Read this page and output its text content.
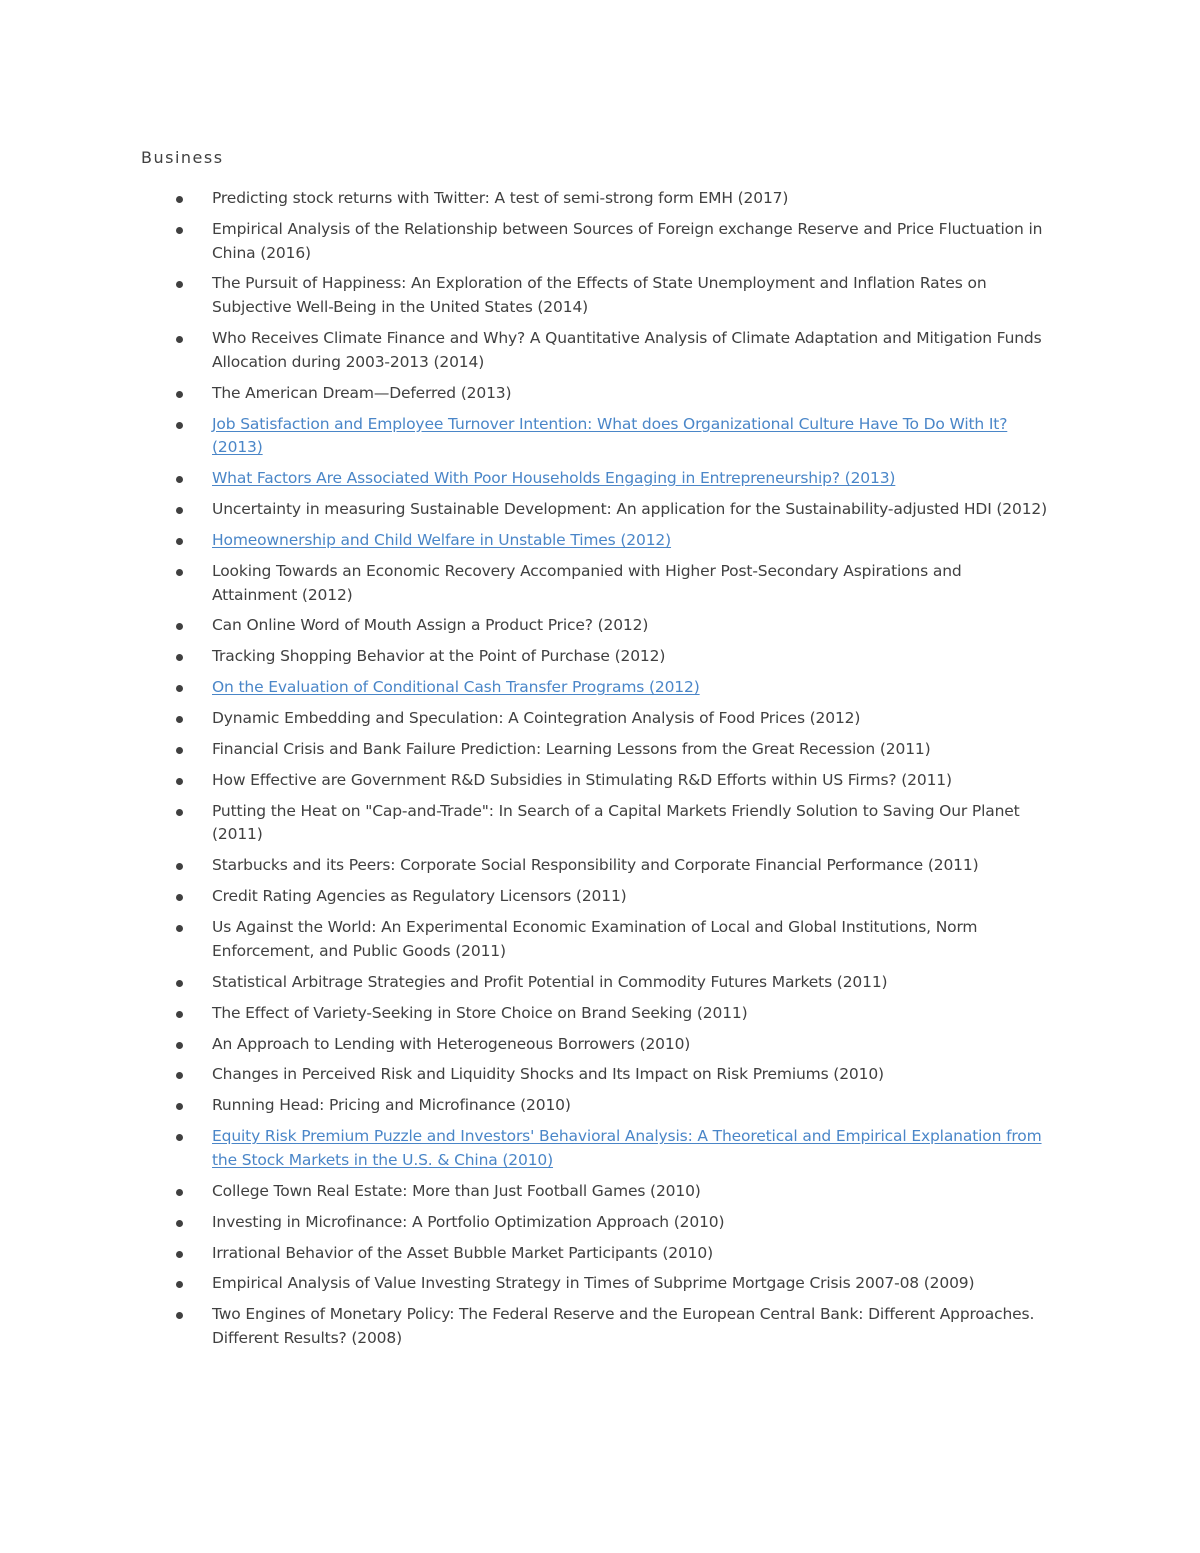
Business
Predicting stock returns with Twitter: A test of semi-strong form EMH (2017)
Empirical Analysis of the Relationship between Sources of Foreign exchange Reserve and Price Fluctuation in China (2016)
The Pursuit of Happiness: An Exploration of the Effects of State Unemployment and Inflation Rates on Subjective Well-Being in the United States (2014)
Who Receives Climate Finance and Why? A Quantitative Analysis of Climate Adaptation and Mitigation Funds Allocation during 2003-2013 (2014)
The American Dream—Deferred (2013)
Job Satisfaction and Employee Turnover Intention: What does Organizational Culture Have To Do With It? (2013)
What Factors Are Associated With Poor Households Engaging in Entrepreneurship? (2013)
Uncertainty in measuring Sustainable Development: An application for the Sustainability-adjusted HDI (2012)
Homeownership and Child Welfare in Unstable Times (2012)
Looking Towards an Economic Recovery Accompanied with Higher Post-Secondary Aspirations and Attainment (2012)
Can Online Word of Mouth Assign a Product Price? (2012)
Tracking Shopping Behavior at the Point of Purchase (2012)
On the Evaluation of Conditional Cash Transfer Programs (2012)
Dynamic Embedding and Speculation: A Cointegration Analysis of Food Prices (2012)
Financial Crisis and Bank Failure Prediction: Learning Lessons from the Great Recession (2011)
How Effective are Government R&D Subsidies in Stimulating R&D Efforts within US Firms? (2011)
Putting the Heat on "Cap-and-Trade": In Search of a Capital Markets Friendly Solution to Saving Our Planet (2011)
Starbucks and its Peers: Corporate Social Responsibility and Corporate Financial Performance (2011)
Credit Rating Agencies as Regulatory Licensors (2011)
Us Against the World: An Experimental Economic Examination of Local and Global Institutions, Norm Enforcement, and Public Goods (2011)
Statistical Arbitrage Strategies and Profit Potential in Commodity Futures Markets (2011)
The Effect of Variety-Seeking in Store Choice on Brand Seeking (2011)
An Approach to Lending with Heterogeneous Borrowers (2010)
Changes in Perceived Risk and Liquidity Shocks and Its Impact on Risk Premiums (2010)
Running Head: Pricing and Microfinance (2010)
Equity Risk Premium Puzzle and Investors' Behavioral Analysis: A Theoretical and Empirical Explanation from the Stock Markets in the U.S. & China (2010)
College Town Real Estate: More than Just Football Games (2010)
Investing in Microfinance: A Portfolio Optimization Approach (2010)
Irrational Behavior of the Asset Bubble Market Participants (2010)
Empirical Analysis of Value Investing Strategy in Times of Subprime Mortgage Crisis 2007-08 (2009)
Two Engines of Monetary Policy: The Federal Reserve and the European Central Bank: Different Approaches. Different Results? (2008)
